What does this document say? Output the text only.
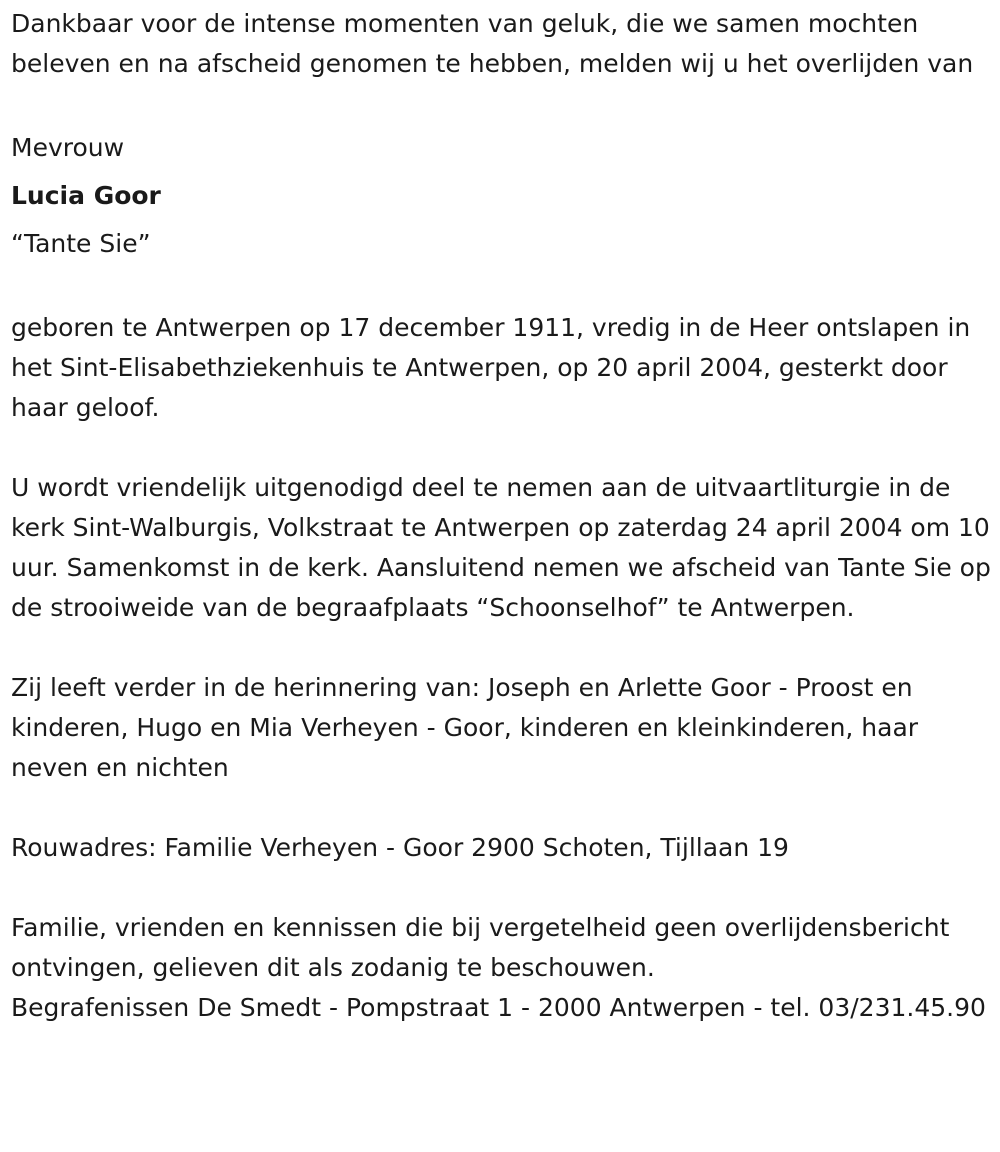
Dankbaar voor de intense momenten van geluk, die we samen mochten beleven en na afscheid genomen te hebben, melden wij u het overlijden van

Mevrouw

Lucia Goor

“Tante Sie”

geboren te Antwerpen op 17 december 1911, vredig in de Heer ontslapen in het Sint-Elisabethziekenhuis te Antwerpen, op 20 april 2004, gesterkt door haar geloof.

U wordt vriendelijk uitgenodigd deel te nemen aan de uitvaartliturgie in de kerk Sint-Walburgis, Volkstraat te Antwerpen op zaterdag 24 april 2004 om 10 uur. Samenkomst in de kerk. Aansluitend nemen we afscheid van Tante Sie op de strooiweide van de begraafplaats “Schoonselhof” te Antwerpen.

Zij leeft verder in de herinnering van: Joseph en Arlette Goor - Proost en kinderen, Hugo en Mia Verheyen - Goor, kinderen en kleinkinderen, haar neven en nichten

Rouwadres: Familie Verheyen - Goor 2900 Schoten, Tijllaan 19

Familie, vrienden en kennissen die bij vergetelheid geen overlijdensbericht ontvingen, gelieven dit als zodanig te beschouwen.

Begrafenissen De Smedt - Pompstraat 1 - 2000 Antwerpen - tel. 03/231.45.90
